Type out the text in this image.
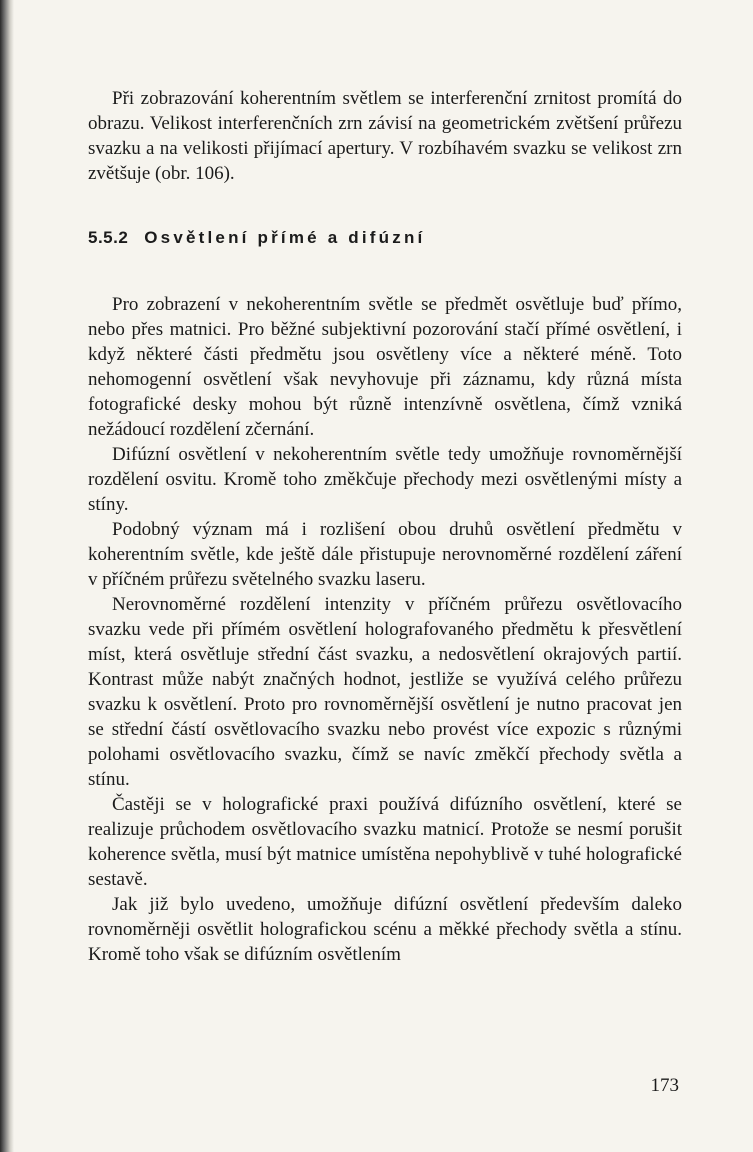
Při zobrazování koherentním světlem se interferenční zrnitost promítá do obrazu. Velikost interferenčních zrn závisí na geometrickém zvětšení průřezu svazku a na velikosti přijímací apertury. V rozbíhavém svazku se velikost zrn zvětšuje (obr. 106).

5.5.2 Osvětlení přímé a difúzní

Pro zobrazení v nekoherentním světle se předmět osvětluje buď přímo, nebo přes matnici. Pro běžné subjektivní pozorování stačí přímé osvětlení, i když některé části předmětu jsou osvětleny více a některé méně. Toto nehomogenní osvětlení však nevyhovuje při záznamu, kdy různá místa fotografické desky mohou být různě intenzívně osvětlena, čímž vzniká nežádoucí rozdělení zčernání.

Difúzní osvětlení v nekoherentním světle tedy umožňuje rovnoměrnější rozdělení osvitu. Kromě toho změkčuje přechody mezi osvětlenými místy a stíny.

Podobný význam má i rozlišení obou druhů osvětlení předmětu v koherentním světle, kde ještě dále přistupuje nerovnoměrné rozdělení záření v příčném průřezu světelného svazku laseru.

Nerovnoměrné rozdělení intenzity v příčném průřezu osvětlovacího svazku vede při přímém osvětlení holografovaného předmětu k přesvětlení míst, která osvětluje střední část svazku, a nedosvětlení okrajových partií. Kontrast může nabýt značných hodnot, jestliže se využívá celého průřezu svazku k osvětlení. Proto pro rovnoměrnější osvětlení je nutno pracovat jen se střední částí osvětlovacího svazku nebo provést více expozic s různými polohami osvětlovacího svazku, čímž se navíc změkčí přechody světla a stínu.

Častěji se v holografické praxi používá difúzního osvětlení, které se realizuje průchodem osvětlovacího svazku matnicí. Protože se nesmí porušit koherence světla, musí být matnice umístěna nepohyblivě v tuhé holografické sestavě.

Jak již bylo uvedeno, umožňuje difúzní osvětlení především daleko rovnoměrněji osvětlit holografickou scénu a měkké přechody světla a stínu. Kromě toho však se difúzním osvětlením

173
